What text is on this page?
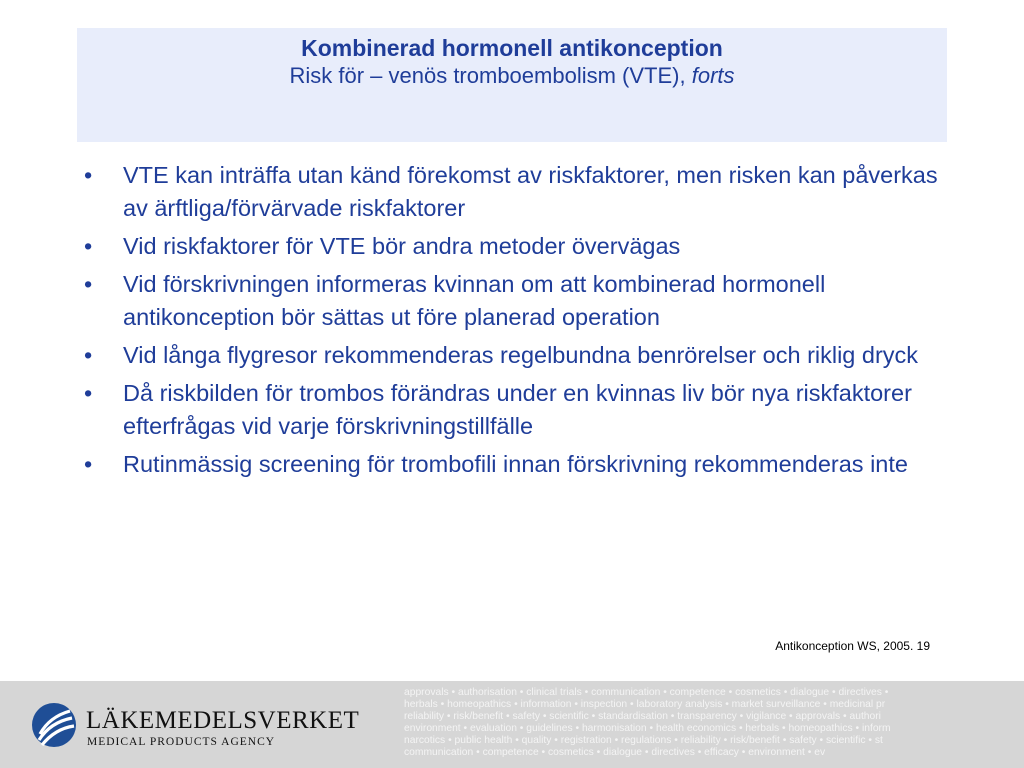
Kombinerad hormonell antikonception
Risk för – venös tromboembolism (VTE), forts
• VTE kan inträffa utan känd förekomst av riskfaktorer, men risken kan påverkas av ärftliga/förvärvade riskfaktorer
• Vid riskfaktorer för VTE bör andra metoder övervägas
• Vid förskrivningen informeras kvinnan om att kombinerad hormonell antikonception bör sättas ut före planerad operation
• Vid långa flygresor rekommenderas regelbundna benrörelser och riklig dryck
• Då riskbilden för trombos förändras under en kvinnas liv bör nya riskfaktorer efterfrågas vid varje förskrivningstillfälle
• Rutinmässig screening för trombofili innan förskrivning rekommenderas inte
Antikonception WS, 2005. 19
LÄKEMEDELSVERKET
MEDICAL PRODUCTS AGENCY
approvals • authorisation • clinical trials • communication • competence • cosmetics • dialogue • directives •
herbals • homeopathics • information • inspection • laboratory analysis • market surveillance • medicinal pr
reliability • risk/benefit • safety • scientific • standardisation • transparency • vigilance • approvals • authori
environment • evaluation • guidelines • harmonisation • health economics • herbals • homeopathics • inform
narcotics • public health • quality • registration • regulations • reliability • risk/benefit • safety • scientific • st
communication • competence • cosmetics • dialogue • directives • efficacy • environment • ev
